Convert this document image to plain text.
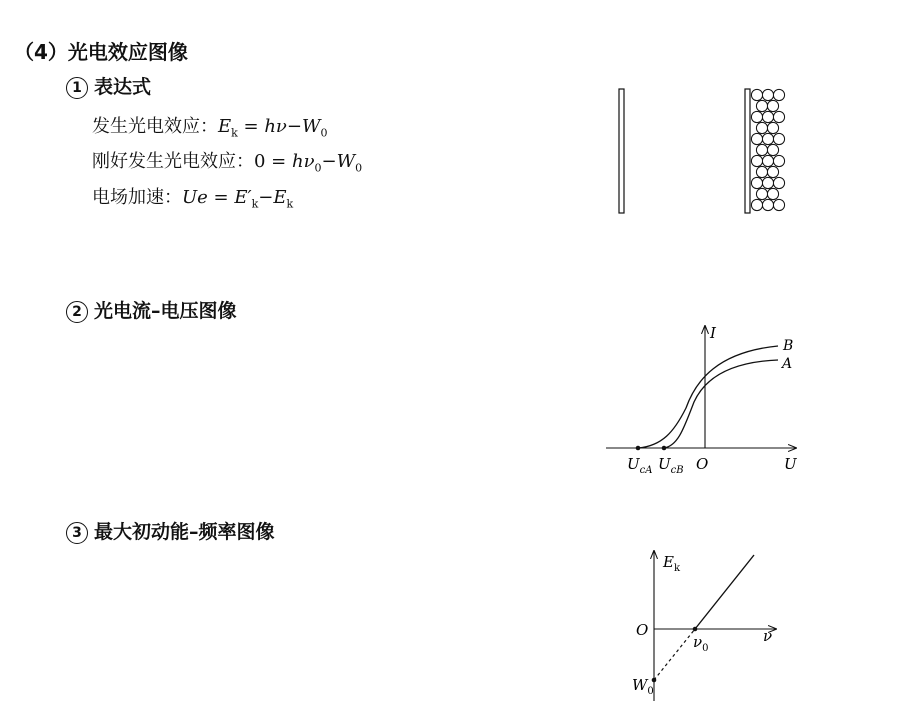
（4）光电效应图像
1 表达式
发生光电效应：$E_k = h\nu-W_0$
刚好发生光电效应：$0 = h\nu_0-W_0$
电场加速：$Ue = E'_k-E_k$
2 光电流–电压图像
I
B
A
O	U
$U_{cA}$ $U_{cB}$
3 最大初动能–频率图像
$E_k$
O	ν
$\nu_0$
$W_0$
